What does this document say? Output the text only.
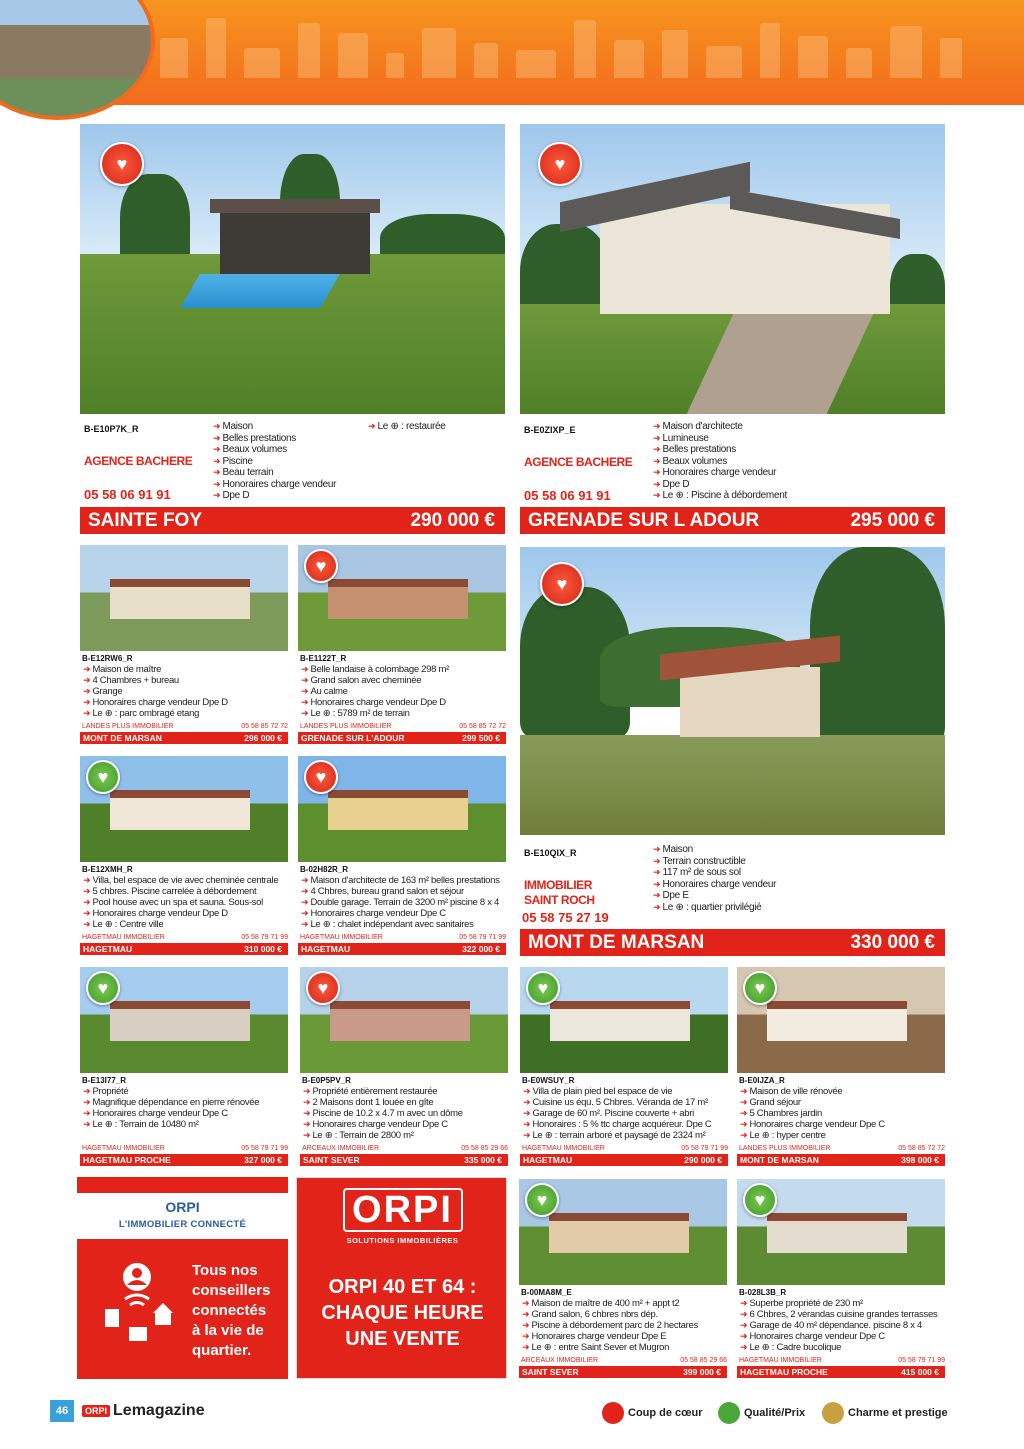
♥
B-E10P7K_R
AGENCE BACHERE
05 58 06 91 91
➜ Maison
➜ Belles prestations
➜ Beaux volumes
➜ Piscine
➜ Beau terrain
➜ Honoraires charge vendeur
➜ Dpe D
➜ Le ⊕ : restaurée
SAINTE FOY	290 000 €
♥
B-E0ZIXP_E
AGENCE BACHERE
05 58 06 91 91
➜ Maison d'architecte
➜ Lumineuse
➜ Belles prestations
➜ Beaux volumes
➜ Honoraires charge vendeur
➜ Dpe D
➜ Le ⊕ : Piscine à débordement
GRENADE SUR L ADOUR	295 000 €
♥
B-E10QIX_R
IMMOBILIER
SAINT ROCH
05 58 75 27 19
➜ Maison
➜ Terrain constructible
➜ 117 m² de sous sol
➜ Honoraires charge vendeur
➜ Dpe E
➜ Le ⊕ : quartier privilégié
MONT DE MARSAN	330 000 €
B-E12RW6_R
➜ Maison de maître
➜ 4 Chambres + bureau
➜ Grange
➜ Honoraires charge vendeur Dpe D
➜ Le ⊕ : parc ombragé etang
LANDES PLUS IMMOBILIER	05 58 85 72 72
MONT DE MARSAN	296 000 €
♥
B-E1122T_R
➜ Belle landaise à colombage 298 m²
➜ Grand salon avec cheminée
➜ Au calme
➜ Honoraires charge vendeur Dpe D
➜ Le ⊕ : 5789 m² de terrain
LANDES PLUS IMMOBILIER	05 58 85 72 72
GRENADE SUR L'ADOUR	299 500 €
♥
B-E12XMH_R
➜ Villa, bel espace de vie avec cheminée centrale
➜ 5 chbres. Piscine carrelée à débordement
➜ Pool house avec un spa et sauna. Sous-sol
➜ Honoraires charge vendeur Dpe D
➜ Le ⊕ : Centre ville
HAGETMAU IMMOBILIER	05 58 79 71 99
HAGETMAU	310 000 €
♥
B-02H82R_R
➜ Maison d'architecte de 163 m² belles prestations
➜ 4 Chbres, bureau grand salon et séjour
➜ Double garage. Terrain de 3200 m² piscine 8 x 4
➜ Honoraires charge vendeur Dpe C
➜ Le ⊕ : chalet indépendant avec sanitaires
HAGETMAU IMMOBILIER	05 58 79 71 99
HAGETMAU	322 000 €
♥
B-E13I77_R
➜ Propriété
➜ Magnifique dépendance en pierre rénovée
➜ Honoraires charge vendeur Dpe C
➜ Le ⊕ : Terrain de 10480 m²
HAGETMAU IMMOBILIER	05 58 79 71 99
HAGETMAU PROCHE	327 000 €
♥
B-E0P5PV_R
➜ Propriété entièrement restaurée
➜ 2 Maisons dont 1 louée en gîte
➜ Piscine de 10.2 x 4.7 m avec un dôme
➜ Honoraires charge vendeur Dpe C
➜ Le ⊕ : Terrain de 2800 m²
ARCEAUX IMMOBILIER	05 58 85 29 66
SAINT SEVER	335 000 €
♥
B-E0WSUY_R
➜ Villa de plain pied bel espace de vie
➜ Cuisine us équ. 5 Chbres. Véranda de 17 m²
➜ Garage de 60 m². Piscine couverte + abri
➜ Honoraires : 5 % ttc charge acquéreur. Dpe C
➜ Le ⊕ : terrain arboré et paysagé de 2324 m²
HAGETMAU IMMOBILIER	05 58 79 71 99
HAGETMAU	290 000 €
♥
B-E0IJZA_R
➜ Maison de ville rénovée
➜ Grand séjour
➜ 5 Chambres jardin
➜ Honoraires charge vendeur Dpe C
➜ Le ⊕ : hyper centre
LANDES PLUS IMMOBILIER	05 58 85 72 72
MONT DE MARSAN	398 000 €
♥
B-00MA8M_E
➜ Maison de maître de 400 m² + appt t2
➜ Grand salon, 6 chbres nbrs dép.
➜ Piscine à débordement parc de 2 hectares
➜ Honoraires charge vendeur Dpe E
➜ Le ⊕ : entre Saint Sever et Mugron
ARCEAUX IMMOBILIER	05 58 85 29 66
SAINT SEVER	399 000 €
♥
B-028L3B_R
➜ Superbe propriété de 230 m²
➜ 6 Chbres, 2 vérandas cuisine grandes terrasses
➜ Garage de 40 m² dépendance. piscine 8 x 4
➜ Honoraires charge vendeur Dpe C
➜ Le ⊕ : Cadre bucolique
HAGETMAU IMMOBILIER	05 58 79 71 99
HAGETMAU PROCHE	415 000 €
ORPI
L'IMMOBILIER CONNECTÉ
Tous nos
conseillers
connectés
à la vie de
quartier.
ORPI
SOLUTIONS IMMOBILIÈRES
ORPI 40 ET 64 :
CHAQUE HEURE
UNE VENTE
46	ORPI Lemagazine	Coup de cœur	Qualité/Prix	Charme et prestige
